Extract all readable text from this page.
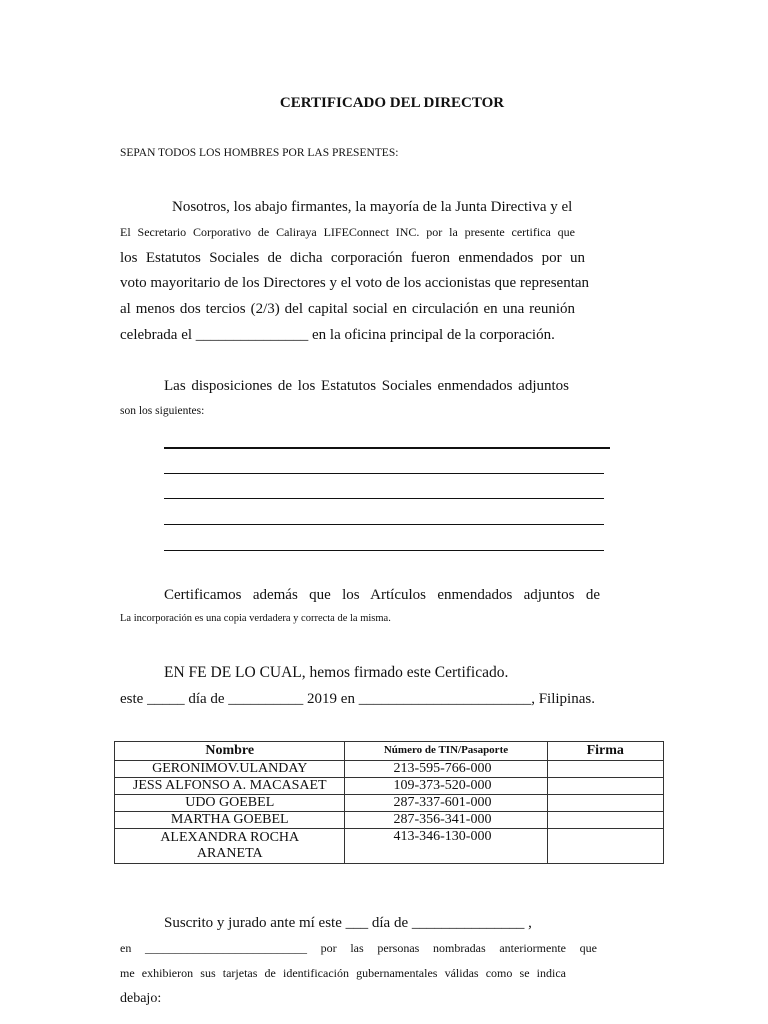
CERTIFICADO DEL DIRECTOR
SEPAN TODOS LOS HOMBRES POR LAS PRESENTES:
Nosotros, los abajo firmantes, la mayoría de la Junta Directiva y el
El Secretario Corporativo de Caliraya LIFEConnect INC. por la presente certifica que
los Estatutos Sociales de dicha corporación fueron enmendados por un
voto mayoritario de los Directores y el voto de los accionistas que representan
al menos dos tercios (2/3) del capital social en circulación en una reunión
celebrada el _______________ en la oficina principal de la corporación.
Las disposiciones de los Estatutos Sociales enmendados adjuntos
son los siguientes:
Certificamos además que los Artículos enmendados adjuntos de
La incorporación es una copia verdadera y correcta de la misma.
EN FE DE LO CUAL, hemos firmado este Certificado.
este _____ día de __________ 2019 en _______________________, Filipinas.
Nombre	Número de TIN/Pasaporte	Firma
GERONIMOV.ULANDAY	213-595-766-000	
JESS ALFONSO A. MACASAET	109-373-520-000	
UDO GOEBEL	287-337-601-000	
MARTHA GOEBEL	287-356-341-000	

ALEXANDRA ROCHA
ARANETA	413-346-130-000	
Suscrito y jurado ante mí este ___ día de _______________ ,
en ___________________________ por las personas nombradas anteriormente que
me exhibieron sus tarjetas de identificación gubernamentales válidas como se indica
debajo:
